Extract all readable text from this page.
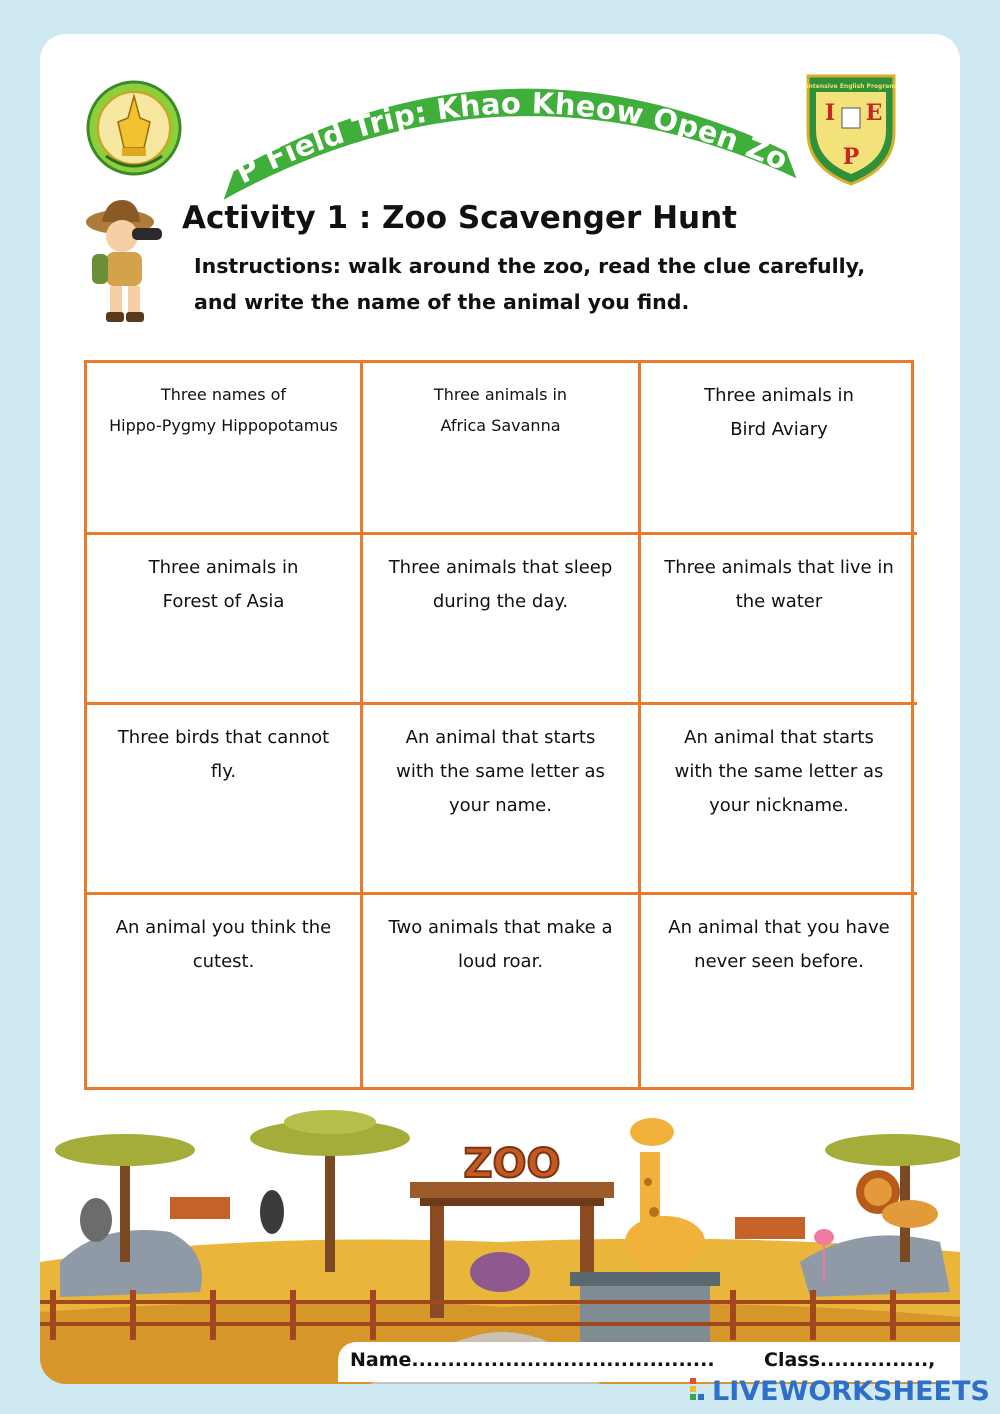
P Field Trip: Khao Kheow Open Zo
Intensive English Program
I E
P
Activity 1 : Zoo Scavenger Hunt

Instructions: walk around the zoo, read the clue carefully,
and write the name of the animal you find.

Three names of
Hippo-Pygmy Hippopotamus
Three animals in
Africa Savanna
Three animals in
Bird Aviary
Three animals in
Forest of Asia
Three animals that sleep
during the day.
Three animals that live in
the water
Three birds that cannot
fly.
An animal that starts
with the same letter as
your name.
An animal that starts
with the same letter as
your nickname.
An animal you think the
cutest.
Two animals that make a
loud roar.
An animal that you have
never seen before.
ZOO
Name..........................................	Class...............,
LIVEWORKSHEETS
